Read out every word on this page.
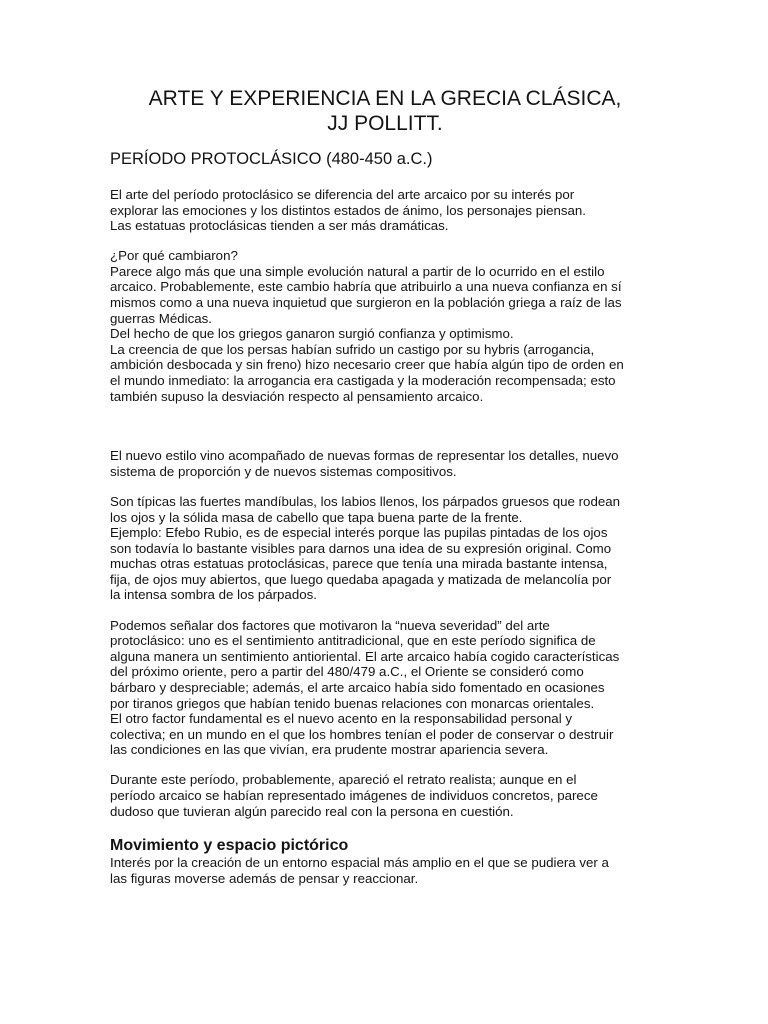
ARTE Y EXPERIENCIA EN LA GRECIA CLÁSICA,
JJ POLLITT.
PERÍODO PROTOCLÁSICO (480-450 a.C.)

El arte del período protoclásico se diferencia del arte arcaico por su interés por
explorar las emociones y los distintos estados de ánimo, los personajes piensan.
Las estatuas protoclásicas tienden a ser más dramáticas.

¿Por qué cambiaron?
Parece algo más que una simple evolución natural a partir de lo ocurrido en el estilo
arcaico. Probablemente, este cambio habría que atribuirlo a una nueva confianza en sí
mismos como a una nueva inquietud que surgieron en la población griega a raíz de las
guerras Médicas.
Del hecho de que los griegos ganaron surgió confianza y optimismo.
La creencia de que los persas habían sufrido un castigo por su hybris (arrogancia,
ambición desbocada y sin freno) hizo necesario creer que había algún tipo de orden en
el mundo inmediato: la arrogancia era castigada y la moderación recompensada; esto
también supuso la desviación respecto al pensamiento arcaico.

El nuevo estilo vino acompañado de nuevas formas de representar los detalles, nuevo
sistema de proporción y de nuevos sistemas compositivos.

Son típicas las fuertes mandíbulas, los labios llenos, los párpados gruesos que rodean
los ojos y la sólida masa de cabello que tapa buena parte de la frente.
Ejemplo: Efebo Rubio, es de especial interés porque las pupilas pintadas de los ojos
son todavía lo bastante visibles para darnos una idea de su expresión original. Como
muchas otras estatuas protoclásicas, parece que tenía una mirada bastante intensa,
fija, de ojos muy abiertos, que luego quedaba apagada y matizada de melancolía por
la intensa sombra de los párpados.

Podemos señalar dos factores que motivaron la “nueva severidad” del arte
protoclásico: uno es el sentimiento antitradicional, que en este período significa de
alguna manera un sentimiento antioriental. El arte arcaico había cogido características
del próximo oriente, pero a partir del 480/479 a.C., el Oriente se consideró como
bárbaro y despreciable; además, el arte arcaico había sido fomentado en ocasiones
por tiranos griegos que habían tenido buenas relaciones con monarcas orientales.
El otro factor fundamental es el nuevo acento en la responsabilidad personal y
colectiva; en un mundo en el que los hombres tenían el poder de conservar o destruir
las condiciones en las que vivían, era prudente mostrar apariencia severa.

Durante este período, probablemente, apareció el retrato realista; aunque en el
período arcaico se habían representado imágenes de individuos concretos, parece
dudoso que tuvieran algún parecido real con la persona en cuestión.

Movimiento y espacio pictórico

Interés por la creación de un entorno espacial más amplio en el que se pudiera ver a
las figuras moverse además de pensar y reaccionar.
